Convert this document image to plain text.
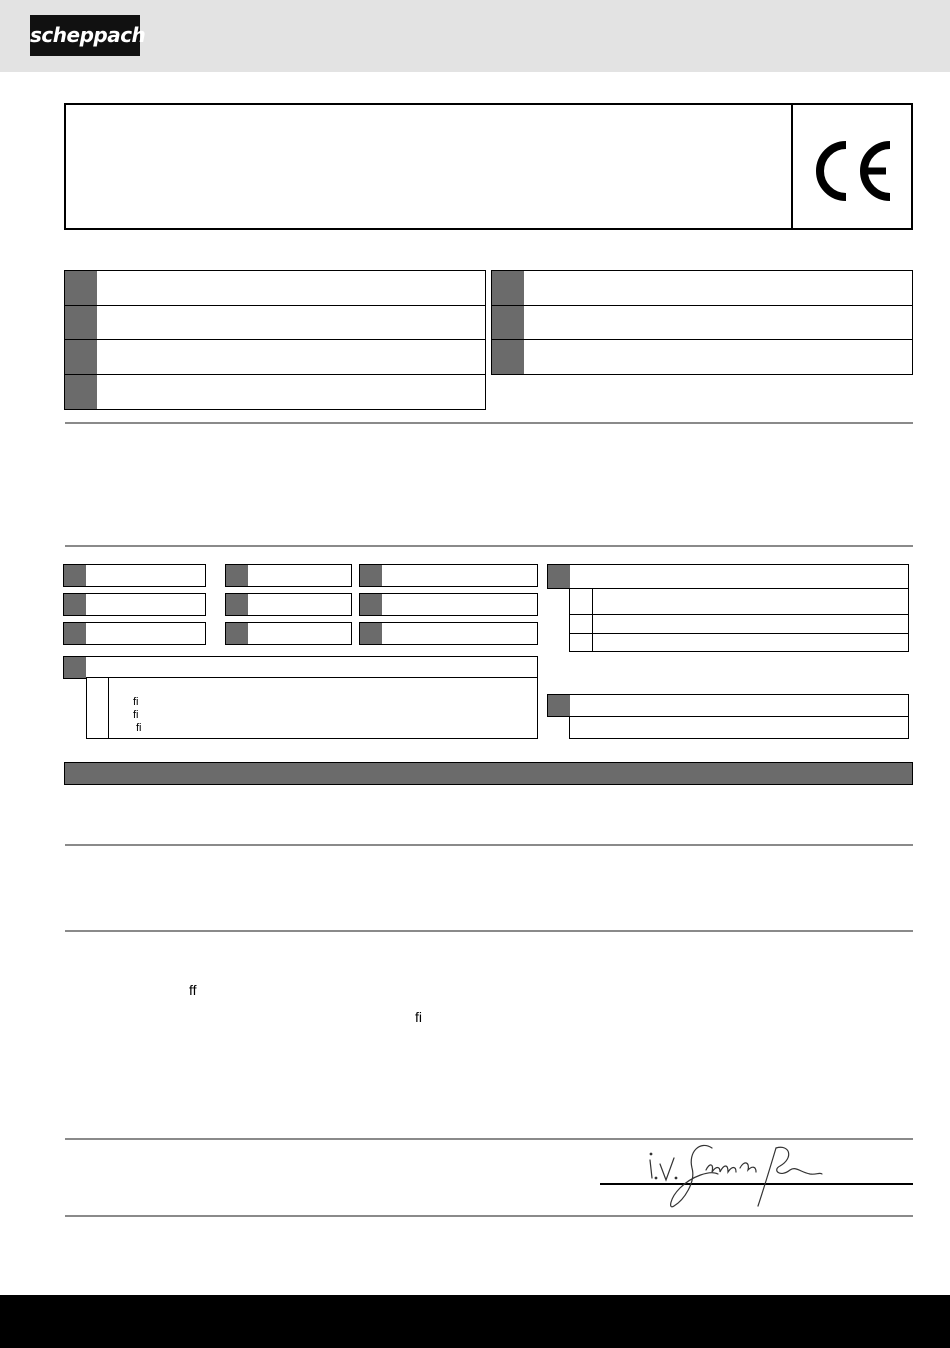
scheppach
fi
fi
fi
ff
fi
